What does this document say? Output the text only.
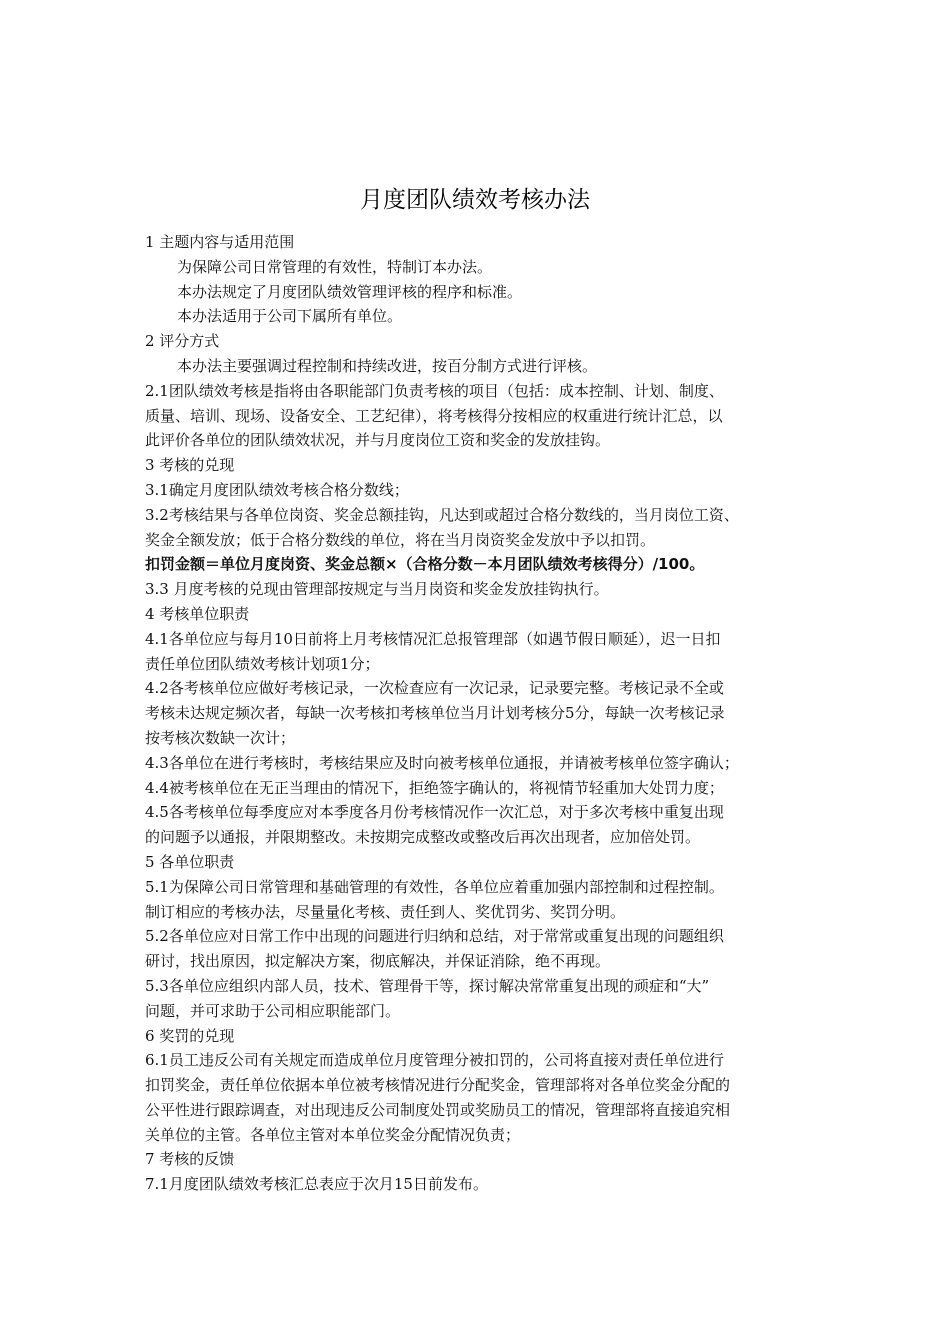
月度团队绩效考核办法
1 主题内容与适用范围
为保障公司日常管理的有效性，特制订本办法。
本办法规定了月度团队绩效管理评核的程序和标准。
本办法适用于公司下属所有单位。
2 评分方式
本办法主要强调过程控制和持续改进，按百分制方式进行评核。
2.1团队绩效考核是指将由各职能部门负责考核的项目（包括：成本控制、计划、制度、
质量、培训、现场、设备安全、工艺纪律），将考核得分按相应的权重进行统计汇总，以
此评价各单位的团队绩效状况，并与月度岗位工资和奖金的发放挂钩。
3 考核的兑现
3.1确定月度团队绩效考核合格分数线；
3.2考核结果与各单位岗资、奖金总额挂钩，凡达到或超过合格分数线的，当月岗位工资、
奖金全额发放；低于合格分数线的单位，将在当月岗资奖金发放中予以扣罚。
扣罚金额＝单位月度岗资、奖金总额×（合格分数－本月团队绩效考核得分）/100。
3.3 月度考核的兑现由管理部按规定与当月岗资和奖金发放挂钩执行。
4 考核单位职责
4.1各单位应与每月10日前将上月考核情况汇总报管理部（如遇节假日顺延），迟一日扣
责任单位团队绩效考核计划项1分；
4.2各考核单位应做好考核记录，一次检查应有一次记录，记录要完整。考核记录不全或
考核未达规定频次者，每缺一次考核扣考核单位当月计划考核分5分，每缺一次考核记录
按考核次数缺一次计；
4.3各单位在进行考核时，考核结果应及时向被考核单位通报，并请被考核单位签字确认；
4.4被考核单位在无正当理由的情况下，拒绝签字确认的，将视情节轻重加大处罚力度；
4.5各考核单位每季度应对本季度各月份考核情况作一次汇总，对于多次考核中重复出现
的问题予以通报，并限期整改。未按期完成整改或整改后再次出现者，应加倍处罚。
5 各单位职责
5.1为保障公司日常管理和基础管理的有效性，各单位应着重加强内部控制和过程控制。
制订相应的考核办法，尽量量化考核、责任到人、奖优罚劣、奖罚分明。
5.2各单位应对日常工作中出现的问题进行归纳和总结，对于常常或重复出现的问题组织
研讨，找出原因，拟定解决方案，彻底解决，并保证消除，绝不再现。
5.3各单位应组织内部人员，技术、管理骨干等，探讨解决常常重复出现的顽症和“大”
问题，并可求助于公司相应职能部门。
6 奖罚的兑现
6.1员工违反公司有关规定而造成单位月度管理分被扣罚的，公司将直接对责任单位进行
扣罚奖金，责任单位依据本单位被考核情况进行分配奖金，管理部将对各单位奖金分配的
公平性进行跟踪调查，对出现违反公司制度处罚或奖励员工的情况，管理部将直接追究相
关单位的主管。各单位主管对本单位奖金分配情况负责；
7 考核的反馈
7.1月度团队绩效考核汇总表应于次月15日前发布。
